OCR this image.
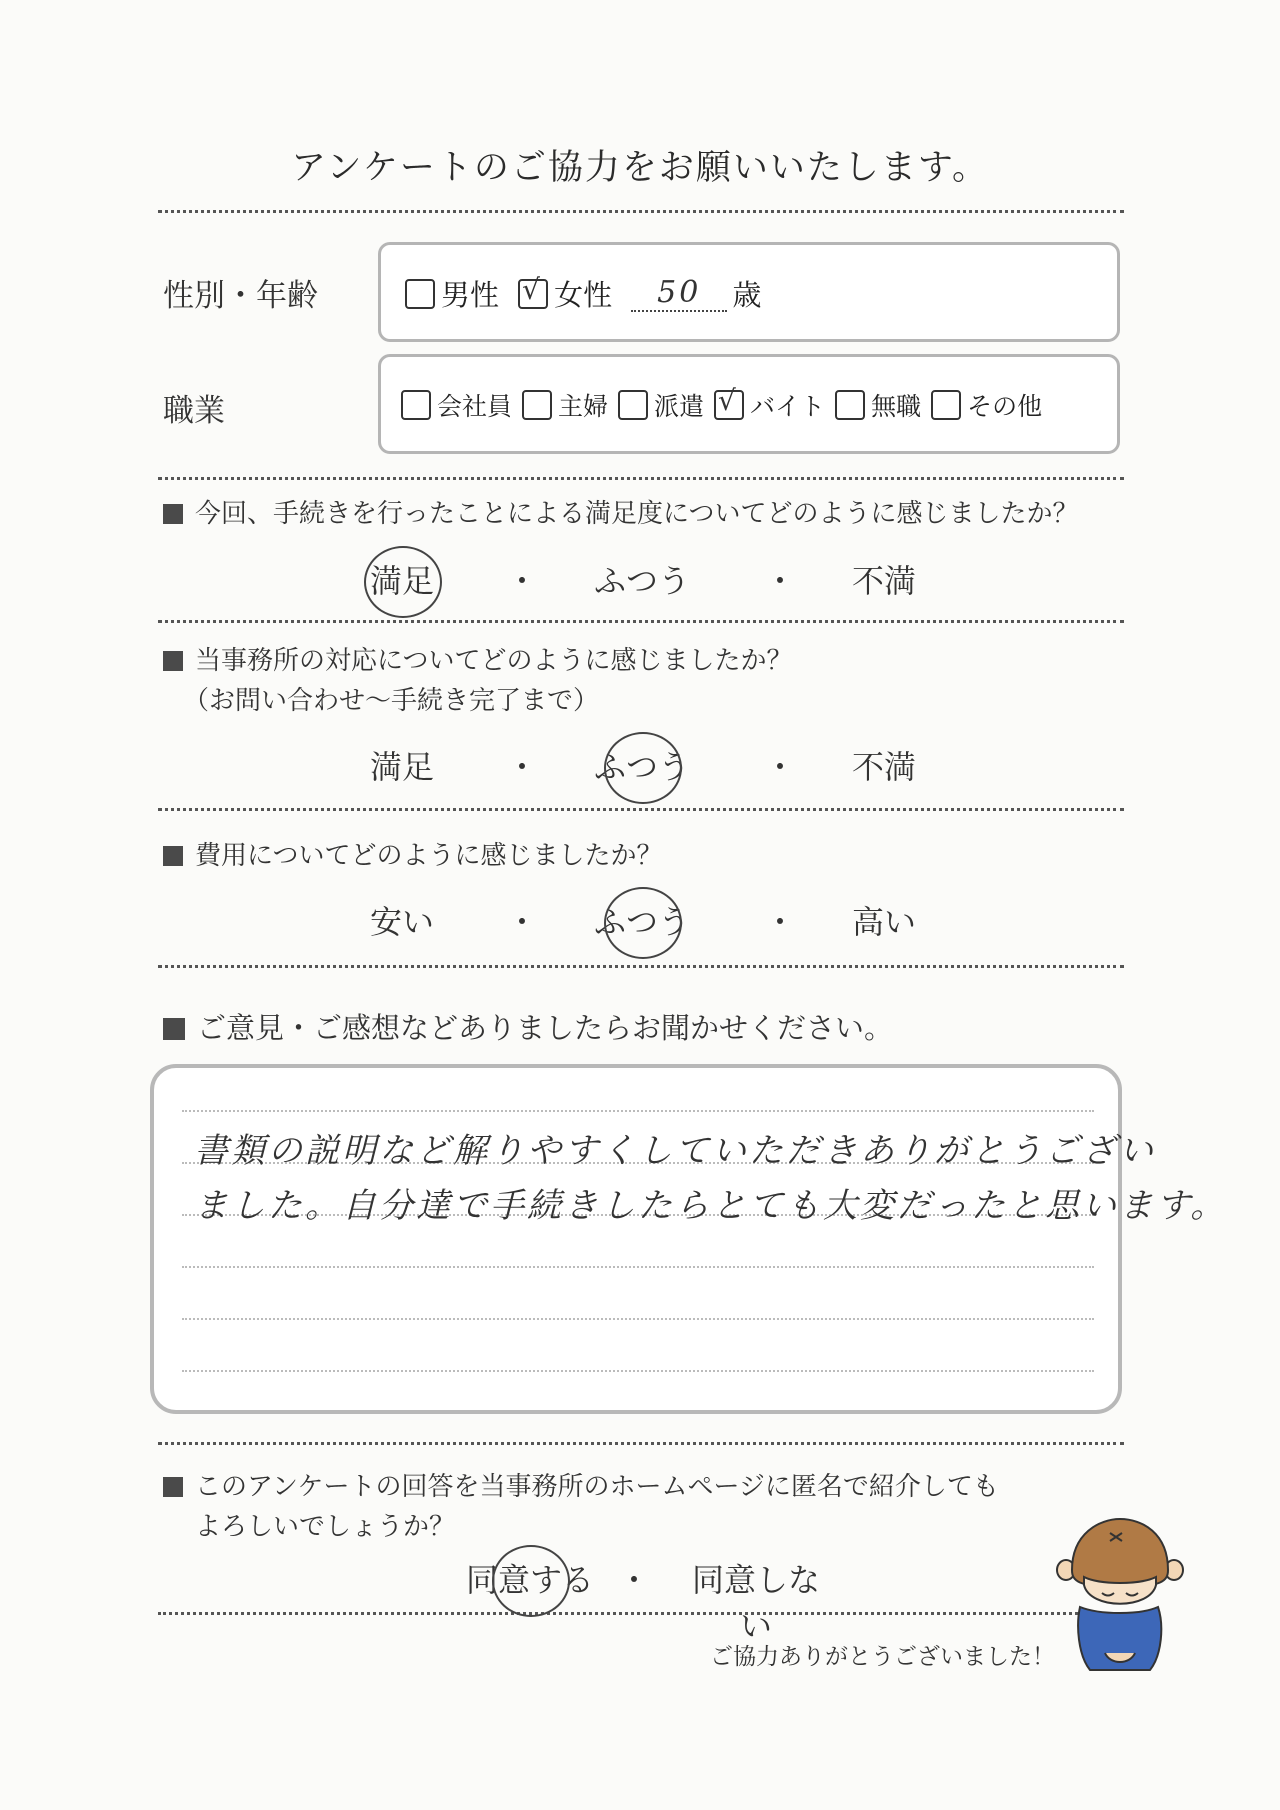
アンケートのご協力をお願いいたします。
性別・年齢	男性 √ 女性 50 歳
職業	会社員 主婦 派遣 √ バイト 無職 その他
今回、手続きを行ったことによる満足度についてどのように感じましたか？
当事務所の対応についてどのように感じましたか？
（お問い合わせ～手続き完了まで）
費用についてどのように感じましたか？
ご意見・ご感想などありましたらお聞かせください。
書類の説明など解りやすくしていただきありがとうござい
ました。自分達で手続きしたらとても大変だったと思います。
このアンケートの回答を当事務所のホームページに匿名で紹介しても
よろしいでしょうか？
ご協力ありがとうございました！
満足	ふつう	不満
・	・
満足	ふつう	不満
・	・
安い	ふつう	高い
・	・
同意する	同意しない
・
